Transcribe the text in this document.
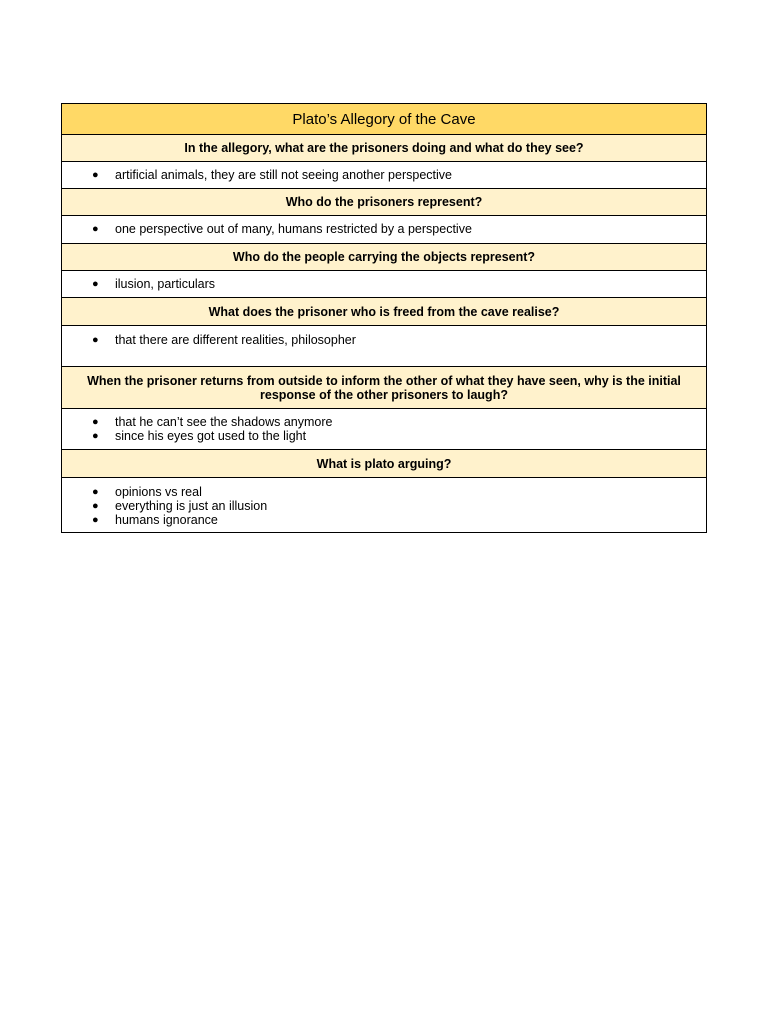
Plato’s Allegory of the Cave
In the allegory, what are the prisoners doing and what do they see?
● artificial animals, they are still not seeing another perspective
Who do the prisoners represent?
● one perspective out of many, humans restricted by a perspective
Who do the people carrying the objects represent?
● ilusion, particulars
What does the prisoner who is freed from the cave realise?
● that there are different realities, philosopher
When the prisoner returns from outside to inform the other of what they have seen, why is the initial response of the other prisoners to laugh?
● that he can’t see the shadows anymore
● since his eyes got used to the light
What is plato arguing?
● opinions vs real
● everything is just an illusion
● humans ignorance
